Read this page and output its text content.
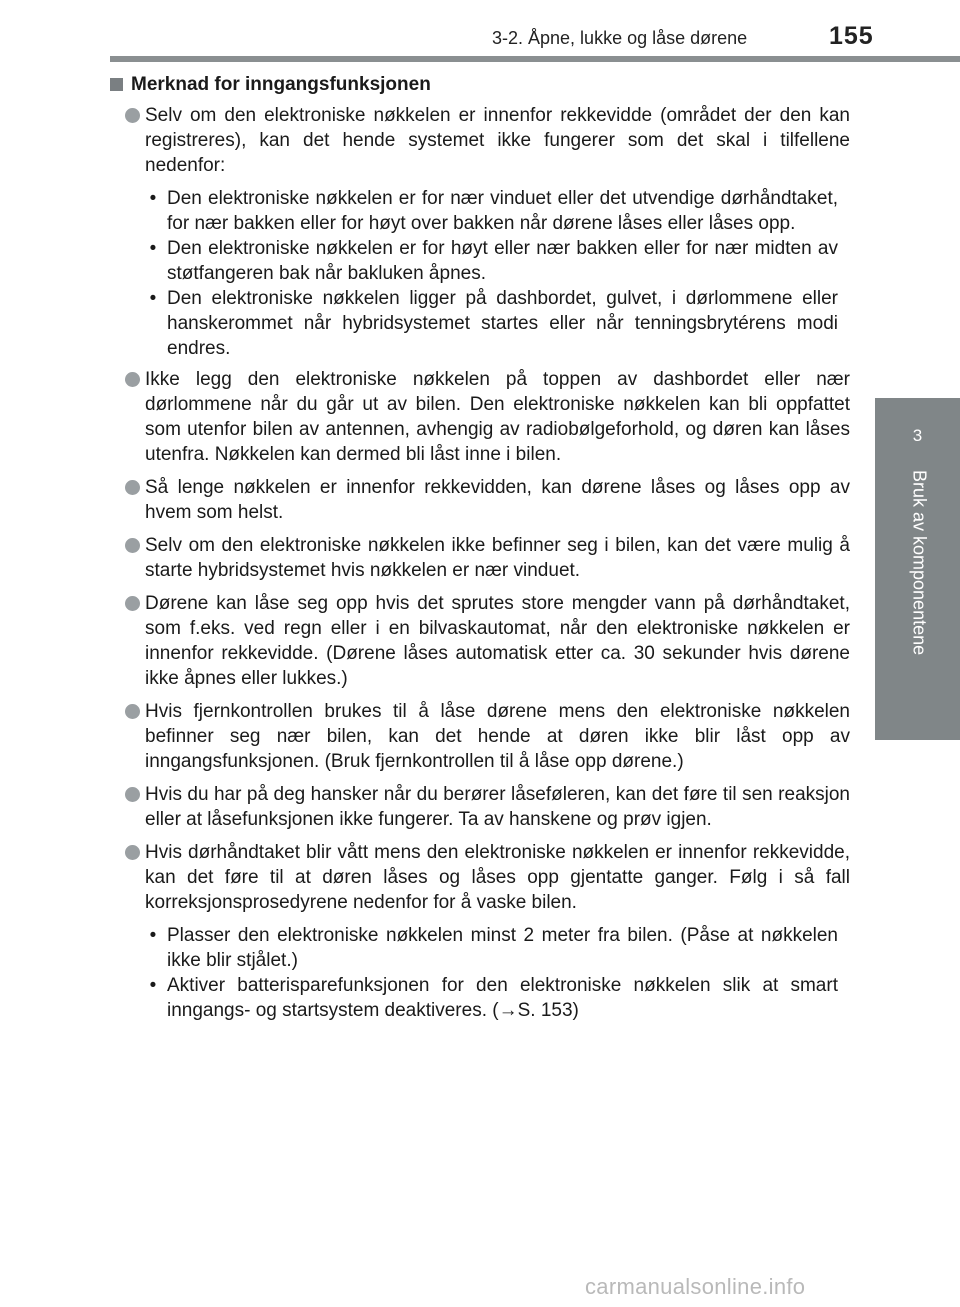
3-2. Åpne, lukke og låse dørene	155
3
Bruk av komponentene
Merknad for inngangsfunksjonen
Selv om den elektroniske nøkkelen er innenfor rekkevidde (området der den kan registreres), kan det hende systemet ikke fungerer som det skal i tilfellene nedenfor:
• Den elektroniske nøkkelen er for nær vinduet eller det utvendige dørhåndtaket, for nær bakken eller for høyt over bakken når dørene låses eller låses opp.
• Den elektroniske nøkkelen er for høyt eller nær bakken eller for nær midten av støtfangeren bak når bakluken åpnes.
• Den elektroniske nøkkelen ligger på dashbordet, gulvet, i dørlommene eller hanskerommet når hybridsystemet startes eller når tenningsbrytérens modi endres.
Ikke legg den elektroniske nøkkelen på toppen av dashbordet eller nær dørlommene når du går ut av bilen. Den elektroniske nøkkelen kan bli oppfattet som utenfor bilen av antennen, avhengig av radiobølgeforhold, og døren kan låses utenfra. Nøkkelen kan dermed bli låst inne i bilen.
Så lenge nøkkelen er innenfor rekkevidden, kan dørene låses og låses opp av hvem som helst.
Selv om den elektroniske nøkkelen ikke befinner seg i bilen, kan det være mulig å starte hybridsystemet hvis nøkkelen er nær vinduet.
Dørene kan låse seg opp hvis det sprutes store mengder vann på dørhåndtaket, som f.eks. ved regn eller i en bilvaskautomat, når den elektroniske nøkkelen er innenfor rekkevidde. (Dørene låses automatisk etter ca. 30 sekunder hvis dørene ikke åpnes eller lukkes.)
Hvis fjernkontrollen brukes til å låse dørene mens den elektroniske nøkkelen befinner seg nær bilen, kan det hende at døren ikke blir låst opp av inngangsfunksjonen. (Bruk fjernkontrollen til å låse opp dørene.)
Hvis du har på deg hansker når du berører låseføleren, kan det føre til sen reaksjon eller at låsefunksjonen ikke fungerer. Ta av hanskene og prøv igjen.
Hvis dørhåndtaket blir vått mens den elektroniske nøkkelen er innenfor rekkevidde, kan det føre til at døren låses og låses opp gjentatte ganger. Følg i så fall korreksjonsprosedyrene nedenfor for å vaske bilen.
• Plasser den elektroniske nøkkelen minst 2 meter fra bilen. (Påse at nøkkelen ikke blir stjålet.)
• Aktiver batterisparefunksjonen for den elektroniske nøkkelen slik at smart inngangs- og startsystem deaktiveres. (→S. 153)
carmanualsonline.info
